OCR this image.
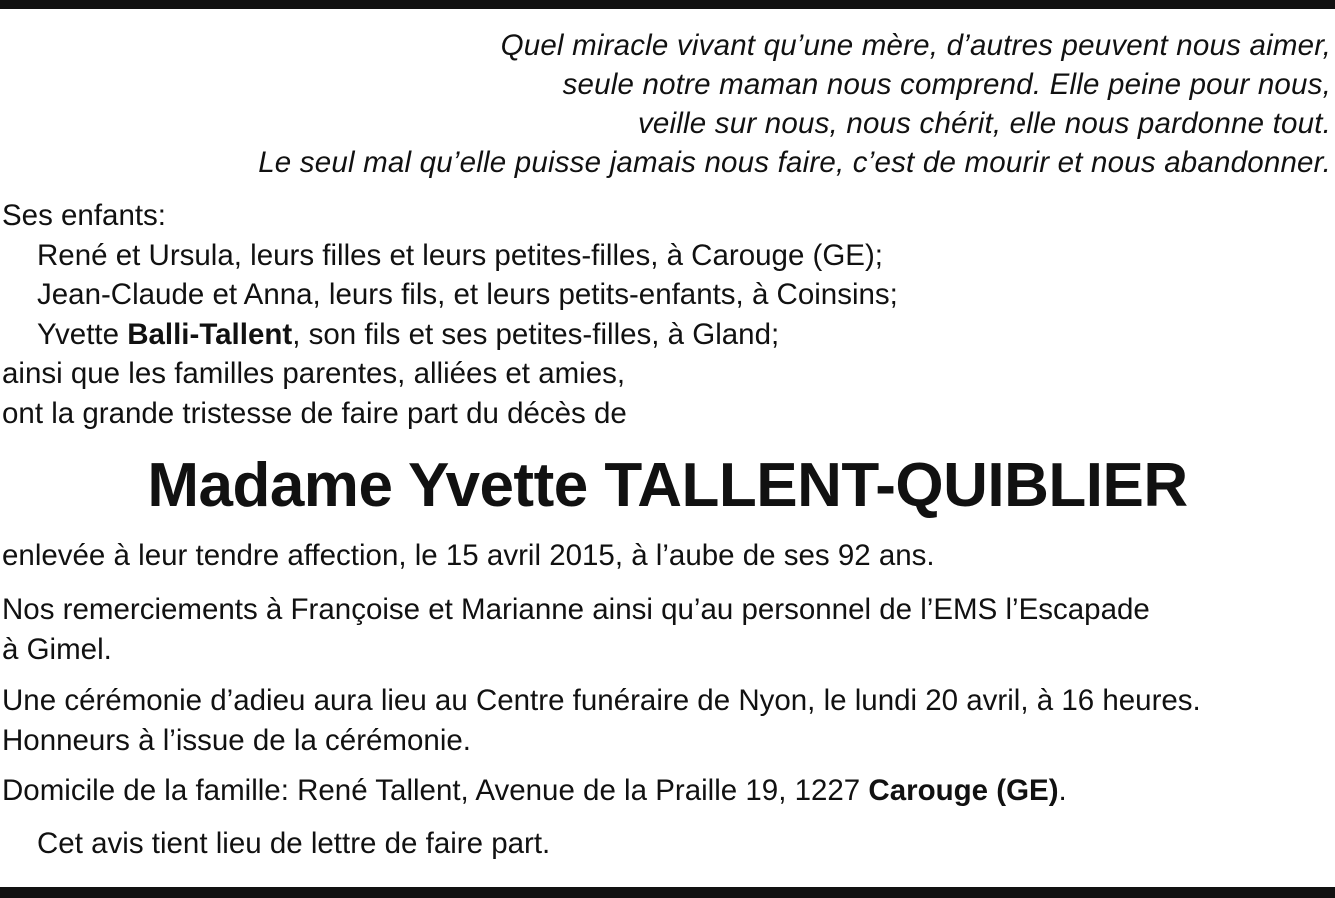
Quel miracle vivant qu’une mère, d’autres peuvent nous aimer,
seule notre maman nous comprend. Elle peine pour nous,
veille sur nous, nous chérit, elle nous pardonne tout.
Le seul mal qu’elle puisse jamais nous faire, c’est de mourir et nous abandonner.
Ses enfants:
René et Ursula, leurs filles et leurs petites-filles, à Carouge (GE);
Jean-Claude et Anna, leurs fils, et leurs petits-enfants, à Coinsins;
Yvette Balli-Tallent, son fils et ses petites-filles, à Gland;
ainsi que les familles parentes, alliées et amies,
ont la grande tristesse de faire part du décès de
Madame Yvette TALLENT-QUIBLIER
enlevée à leur tendre affection, le 15 avril 2015, à l’aube de ses 92 ans.
Nos remerciements à Françoise et Marianne ainsi qu’au personnel de l’EMS l’Escapade
à Gimel.
Une cérémonie d’adieu aura lieu au Centre funéraire de Nyon, le lundi 20 avril, à 16 heures.
Honneurs à l’issue de la cérémonie.
Domicile de la famille: René Tallent, Avenue de la Praille 19, 1227 Carouge (GE).
Cet avis tient lieu de lettre de faire part.
